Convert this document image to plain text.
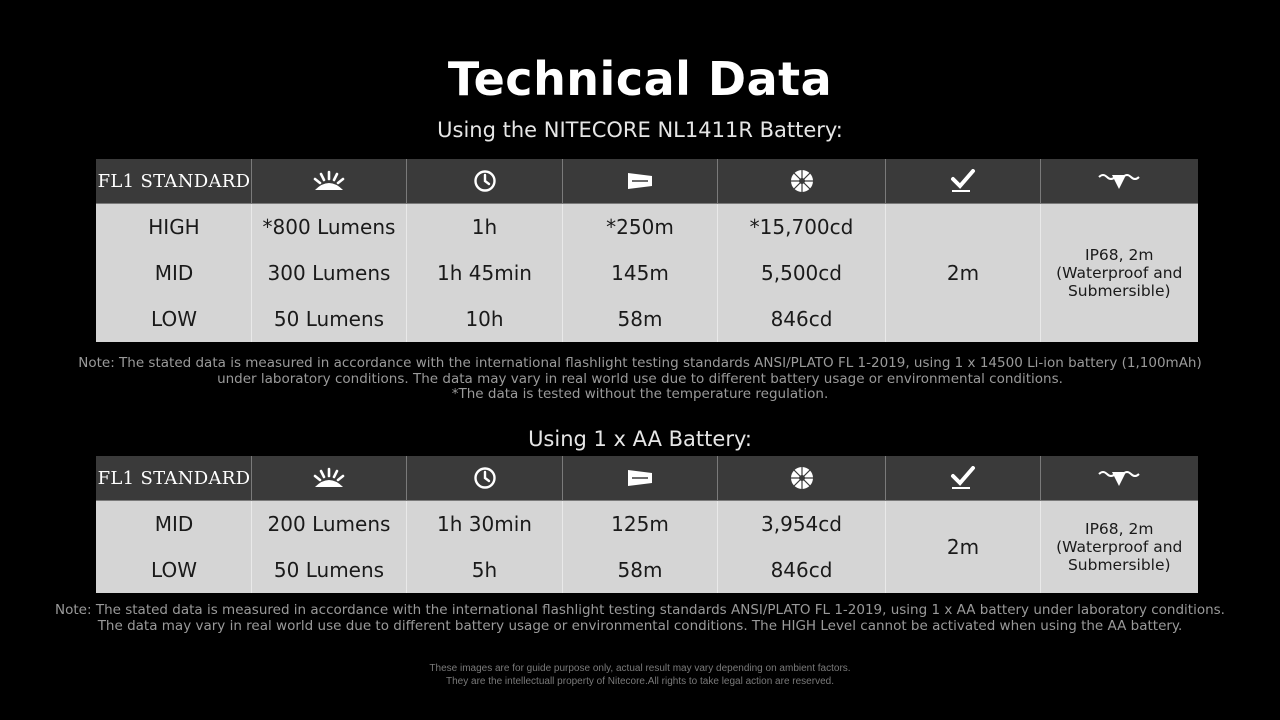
Technical Data
Using the NITECORE NL1411R Battery:
FL1 STANDARD	

HIGH	*800 Lumens	1h	*250m	*15,700cd	2m	IP68, 2m
(Waterproof and
Submersible)

MID	300 Lumens	1h 45min	145m	5,500cd		
LOW	50 Lumens	10h	58m	846cd		
Note: The stated data is measured in accordance with the international flashlight testing standards ANSI/PLATO FL 1-2019, using 1 x 14500 Li-ion battery (1,100mAh)
under laboratory conditions. The data may vary in real world use due to different battery usage or environmental conditions.
*The data is tested without the temperature regulation.
Using 1 x AA Battery:
FL1 STANDARD	

MID	200 Lumens	1h 30min	125m	3,954cd	2m	IP68, 2m
(Waterproof and
Submersible)

LOW	50 Lumens	5h	58m	846cd		
Note: The stated data is measured in accordance with the international flashlight testing standards ANSI/PLATO FL 1-2019, using 1 x AA battery under laboratory conditions.
The data may vary in real world use due to different battery usage or environmental conditions. The HIGH Level cannot be activated when using the AA battery.
These images are for guide purpose only, actual result may vary depending on ambient factors.
They are the intellectuall property of Nitecore.All rights to take legal action are reserved.
